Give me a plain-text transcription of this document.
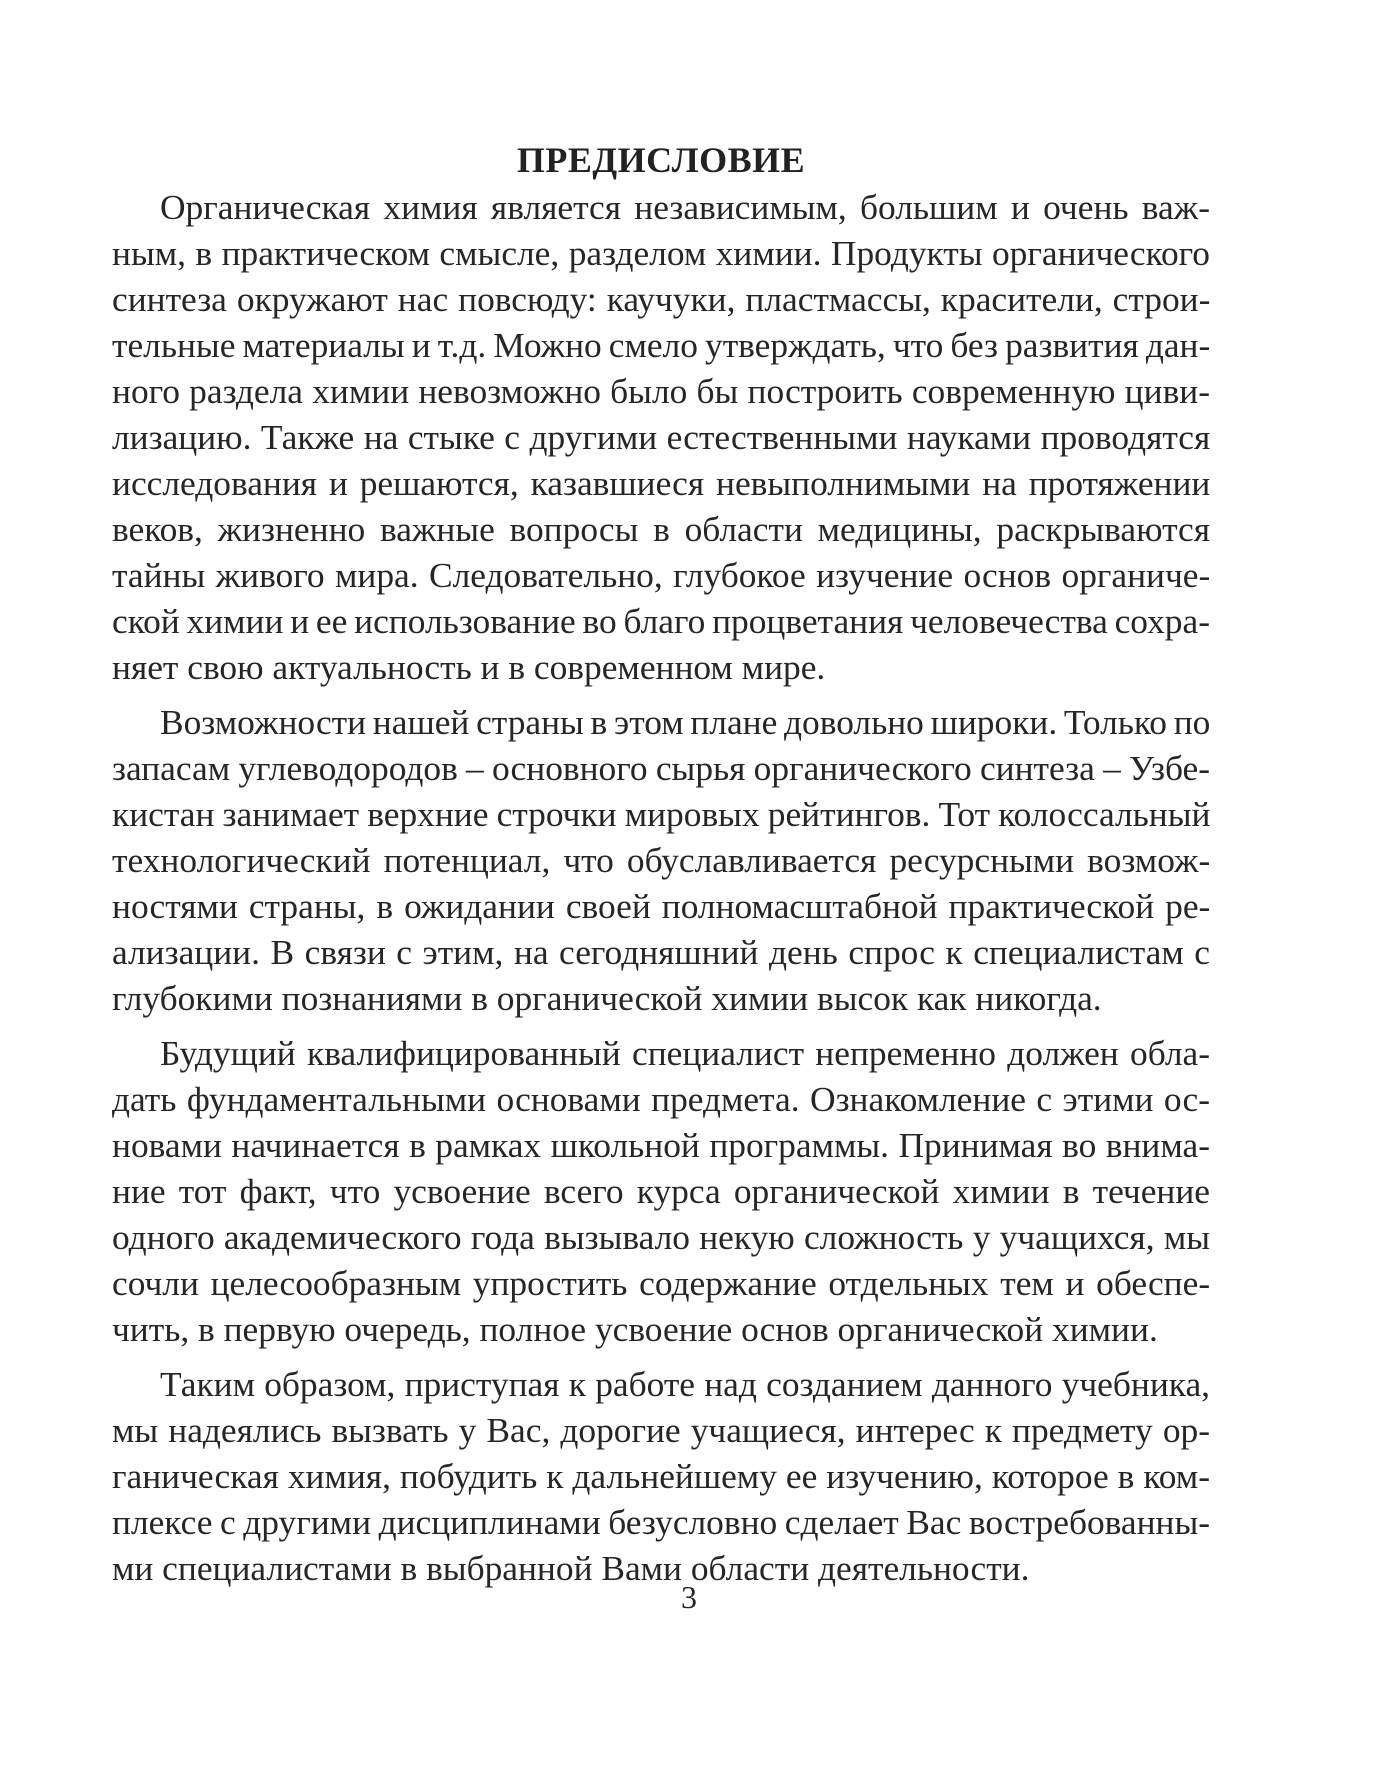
ПРЕДИСЛОВИЕ
Органическая химия является независимым, большим и очень важ-
ным, в практическом смысле, разделом химии. Продукты органического
синтеза окружают нас повсюду: каучуки, пластмассы, красители, строи-
тельные материалы и т.д. Можно смело утверждать, что без развития дан-
ного раздела химии невозможно было бы построить современную циви-
лизацию. Также на стыке с другими естественными науками проводятся
исследования и решаются, казавшиеся невыполнимыми на протяжении
веков, жизненно важные вопросы в области медицины, раскрываются
тайны живого мира. Следовательно, глубокое изучение основ органиче-
ской химии и ее использование во благо процветания человечества сохра-
няет свою актуальность и в современном мире.
Возможности нашей страны в этом плане довольно широки. Только по
запасам углеводородов – основного сырья органического синтеза – Узбе-
кистан занимает верхние строчки мировых рейтингов. Тот колоссальный
технологический потенциал, что обуславливается ресурсными возмож-
ностями страны, в ожидании своей полномасштабной практической ре-
ализации. В связи с этим, на сегодняшний день спрос к специалистам с
глубокими познаниями в органической химии высок как никогда.
Будущий квалифицированный специалист непременно должен обла-
дать фундаментальными основами предмета. Ознакомление с этими ос-
новами начинается в рамках школьной программы. Принимая во внима-
ние тот факт, что усвоение всего курса органической химии в течение
одного академического года вызывало некую сложность у учащихся, мы
сочли целесообразным упростить содержание отдельных тем и обеспе-
чить, в первую очередь, полное усвоение основ органической химии.
Таким образом, приступая к работе над созданием данного учебника,
мы надеялись вызвать у Вас, дорогие учащиеся, интерес к предмету ор-
ганическая химия, побудить к дальнейшему ее изучению, которое в ком-
плексе с другими дисциплинами безусловно сделает Вас востребованны-
ми специалистами в выбранной Вами области деятельности.
3
